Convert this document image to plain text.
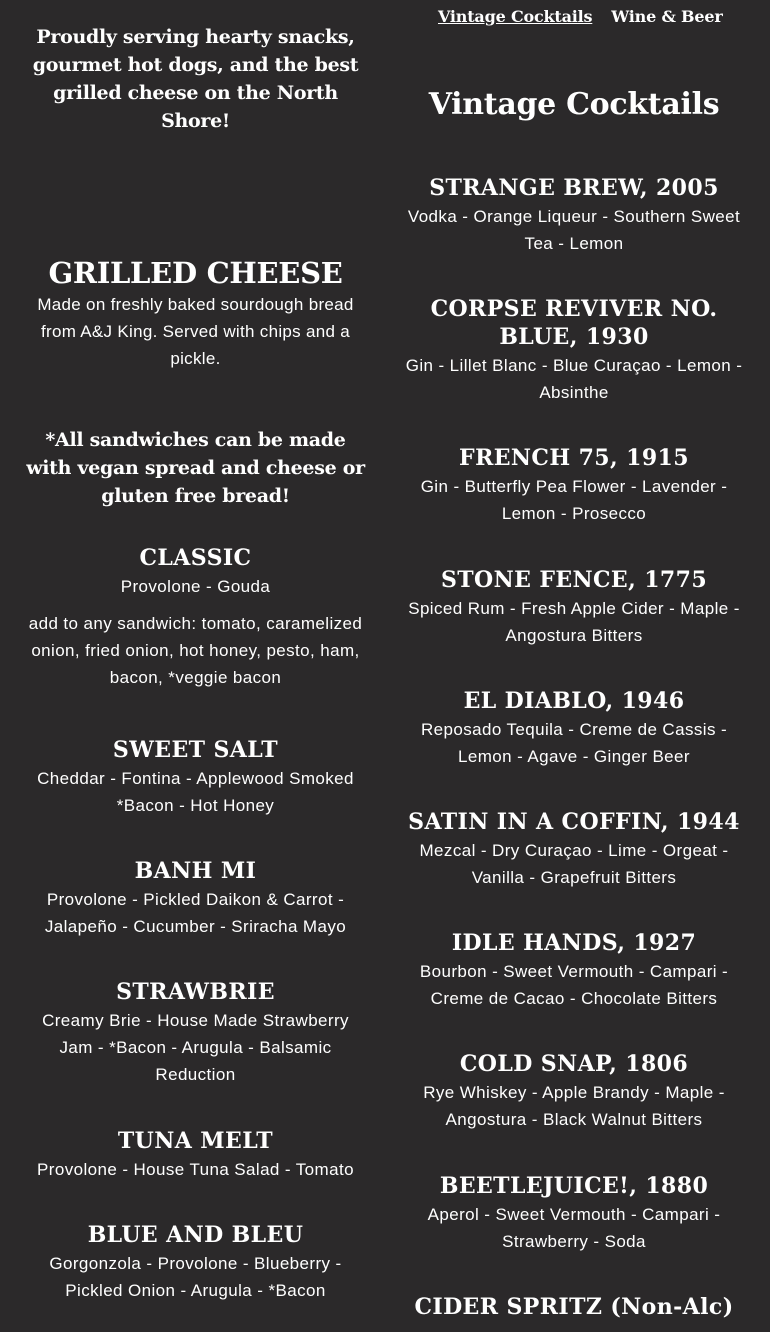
Proudly serving hearty snacks, gourmet hot dogs, and the best grilled cheese on the North Shore!
GRILLED CHEESE
Made on freshly baked sourdough bread from A&J King. Served with chips and a pickle.
*All sandwiches can be made with vegan spread and cheese or gluten free bread!
CLASSIC
Provolone - Gouda
add to any sandwich: tomato, caramelized onion, fried onion, hot honey, pesto, ham, bacon, *veggie bacon
SWEET SALT
Cheddar - Fontina - Applewood Smoked *Bacon - Hot Honey
BANH MI
Provolone - Pickled Daikon & Carrot - Jalapeño - Cucumber - Sriracha Mayo
STRAWBRIE
Creamy Brie - House Made Strawberry Jam - *Bacon - Arugula - Balsamic Reduction
TUNA MELT
Provolone - House Tuna Salad - Tomato
BLUE AND BLEU
Gorgonzola - Provolone - Blueberry - Pickled Onion - Arugula - *Bacon
Vintage Cocktails Wine & Beer
Vintage Cocktails
STRANGE BREW, 2005
Vodka - Orange Liqueur - Southern Sweet Tea - Lemon
CORPSE REVIVER NO. BLUE, 1930
Gin - Lillet Blanc - Blue Curaçao - Lemon - Absinthe
FRENCH 75, 1915
Gin - Butterfly Pea Flower - Lavender - Lemon - Prosecco
STONE FENCE, 1775
Spiced Rum - Fresh Apple Cider - Maple - Angostura Bitters
EL DIABLO, 1946
Reposado Tequila - Creme de Cassis - Lemon - Agave - Ginger Beer
SATIN IN A COFFIN, 1944
Mezcal - Dry Curaçao - Lime - Orgeat - Vanilla - Grapefruit Bitters
IDLE HANDS, 1927
Bourbon - Sweet Vermouth - Campari - Creme de Cacao - Chocolate Bitters
COLD SNAP, 1806
Rye Whiskey - Apple Brandy - Maple - Angostura - Black Walnut Bitters
BEETLEJUICE!, 1880
Aperol - Sweet Vermouth - Campari - Strawberry - Soda
CIDER SPRITZ (Non-Alc)
